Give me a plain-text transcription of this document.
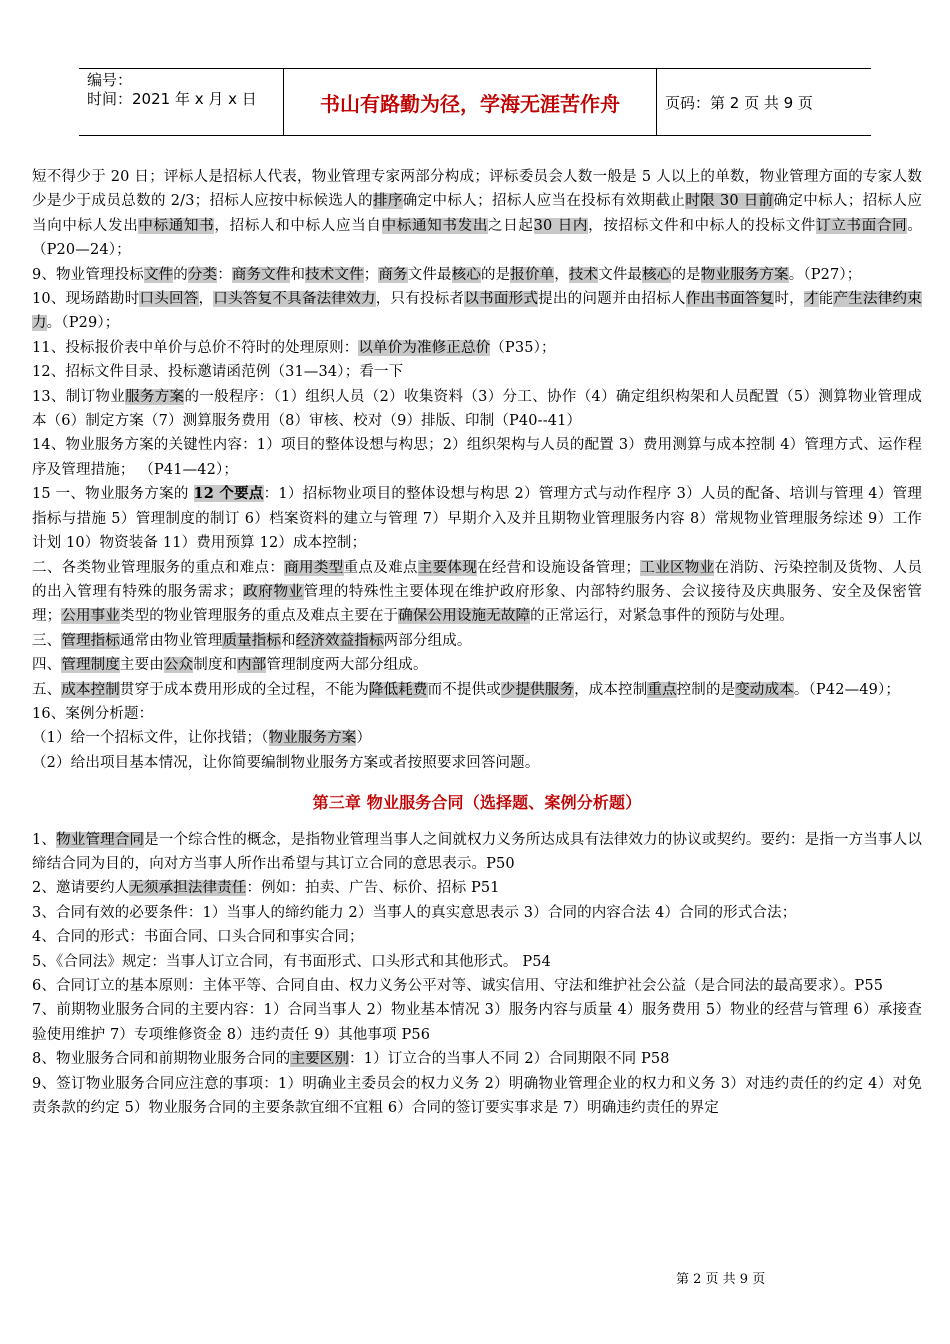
编号：
时间：2021 年 x 月 x 日	书山有路勤为径，学海无涯苦作舟	页码：第 2 页 共 9 页

短不得少于 20 日；评标人是招标人代表，物业管理专家两部分构成；评标委员会人数一般是 5 人以上的单数，物业管理方面的专家人数少是少于成员总数的 2/3；招标人应按中标候选人的排序确定中标人；招标人应当在投标有效期截止时限 30 日前确定中标人；招标人应当向中标人发出中标通知书，招标人和中标人应当自中标通知书发出之日起30 日内，按招标文件和中标人的投标文件订立书面合同。（P20—24）；

9、物业管理投标文件的分类：商务文件和技术文件；商务文件最核心的是报价单，技术文件最核心的是物业服务方案。（P27）；

10、现场踏勘时口头回答，口头答复不具备法律效力，只有投标者以书面形式提出的问题并由招标人作出书面答复时，才能产生法律约束力。（P29）；

11、投标报价表中单价与总价不符时的处理原则：以单价为准修正总价（P35）；

12、招标文件目录、投标邀请函范例（31—34）；看一下

13、制订物业服务方案的一般程序：（1）组织人员（2）收集资料（3）分工、协作（4）确定组织构架和人员配置（5）测算物业管理成本（6）制定方案（7）测算服务费用（8）审核、校对（9）排版、印制（P40--41）

14、物业服务方案的关键性内容：1）项目的整体设想与构思；2）组织架构与人员的配置 3）费用测算与成本控制 4）管理方式、运作程序及管理措施； （P41—42）；

15 一、物业服务方案的 12 个要点：1）招标物业项目的整体设想与构思 2）管理方式与动作程序 3）人员的配备、培训与管理 4）管理指标与措施 5）管理制度的制订 6）档案资料的建立与管理 7）早期介入及并且期物业管理服务内容 8）常规物业管理服务综述 9）工作计划 10）物资装备 11）费用预算 12）成本控制；

二、各类物业管理服务的重点和难点：商用类型重点及难点主要体现在经营和设施设备管理；工业区物业在消防、污染控制及货物、人员的出入管理有特殊的服务需求；政府物业管理的特殊性主要体现在维护政府形象、内部特约服务、会议接待及庆典服务、安全及保密管理；公用事业类型的物业管理服务的重点及难点主要在于确保公用设施无故障的正常运行，对紧急事件的预防与处理。

三、管理指标通常由物业管理质量指标和经济效益指标两部分组成。

四、管理制度主要由公众制度和内部管理制度两大部分组成。

五、成本控制贯穿于成本费用形成的全过程，不能为降低耗费而不提供或少提供服务，成本控制重点控制的是变动成本。（P42—49）；

16、案例分析题：

（1）给一个招标文件，让你找错；（物业服务方案）

（2）给出项目基本情况，让你简要编制物业服务方案或者按照要求回答问题。

第三章 物业服务合同（选择题、案例分析题）

1、物业管理合同是一个综合性的概念，是指物业管理当事人之间就权力义务所达成具有法律效力的协议或契约。要约：是指一方当事人以缔结合同为目的，向对方当事人所作出希望与其订立合同的意思表示。P50

2、邀请要约人无须承担法律责任：例如：拍卖、广告、标价、招标 P51

3、合同有效的必要条件：1）当事人的缔约能力 2）当事人的真实意思表示 3）合同的内容合法 4）合同的形式合法；

4、合同的形式：书面合同、口头合同和事实合同；

5、《合同法》规定：当事人订立合同，有书面形式、口头形式和其他形式。 P54

6、合同订立的基本原则：主体平等、合同自由、权力义务公平对等、诚实信用、守法和维护社会公益（是合同法的最高要求）。P55

7、前期物业服务合同的主要内容：1）合同当事人 2）物业基本情况 3）服务内容与质量 4）服务费用 5）物业的经营与管理 6）承接查验使用维护 7）专项维修资金 8）违约责任 9）其他事项 P56

8、物业服务合同和前期物业服务合同的主要区别：1）订立合的当事人不同 2）合同期限不同 P58

9、签订物业服务合同应注意的事项：1）明确业主委员会的权力义务 2）明确物业管理企业的权力和义务 3）对违约责任的约定 4）对免责条款的约定 5）物业服务合同的主要条款宜细不宜粗 6）合同的签订要实事求是 7）明确违约责任的界定

第 2 页 共 9 页
